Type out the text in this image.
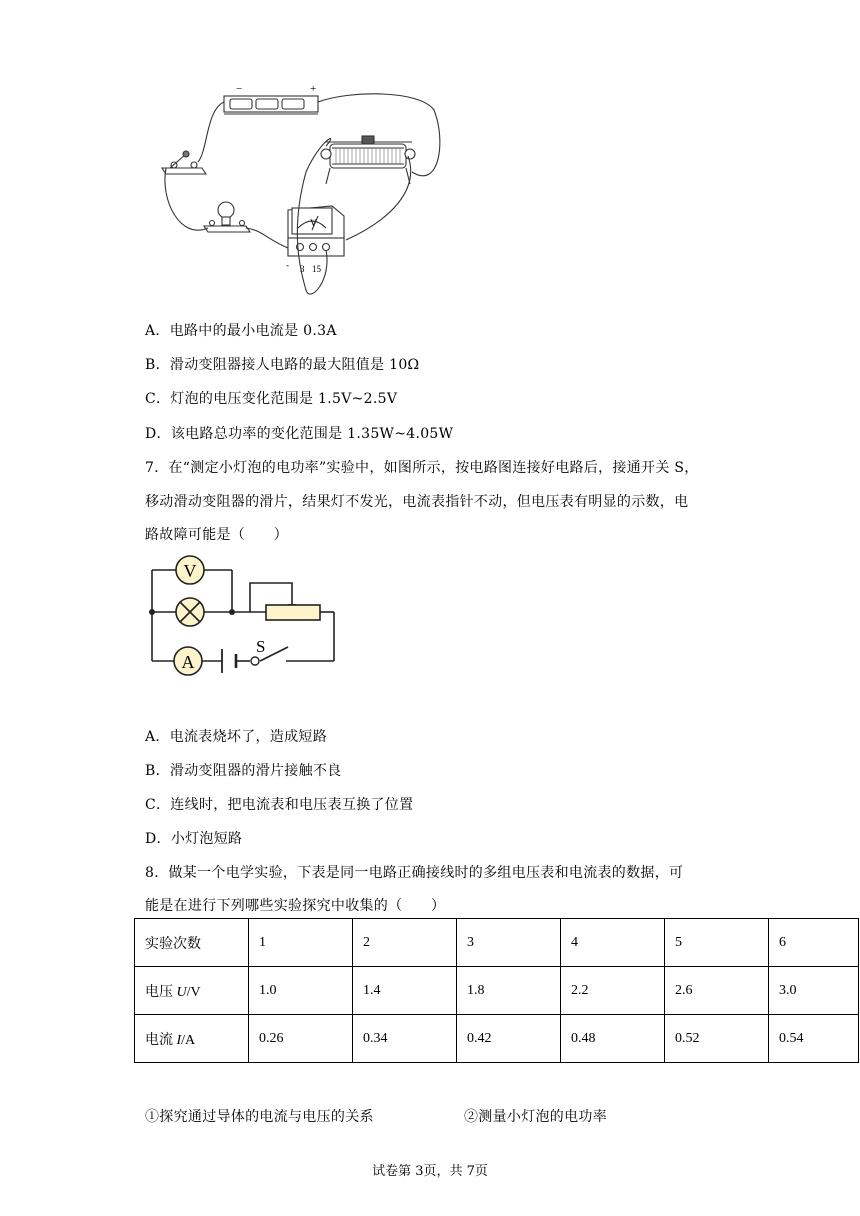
−	+
V
- 3 15
A．电路中的最小电流是 0.3A
B．滑动变阻器接人电路的最大阻值是 10Ω
C．灯泡的电压变化范围是 1.5V~2.5V
D．该电路总功率的变化范围是 1.35W~4.05W
7．在“测定小灯泡的电功率”实验中，如图所示，按电路图连接好电路后，接通开关 S，
移动滑动变阻器的滑片，结果灯不发光，电流表指针不动，但电压表有明显的示数，电
路故障可能是（　　）
V
A
S
A．电流表烧坏了，造成短路
B．滑动变阻器的滑片接触不良
C．连线时，把电流表和电压表互换了位置
D．小灯泡短路
8．做某一个电学实验，下表是同一电路正确接线时的多组电压表和电流表的数据，可
能是在进行下列哪些实验探究中收集的（　　）
实验次数	1	2	3	4	5	6
电压 U/V	1.0	1.4	1.8	2.2	2.6	3.0
电流 I/A	0.26	0.34	0.42	0.48	0.52	0.54
①探究通过导体的电流与电压的关系	②测量小灯泡的电功率
试卷第 3页，共 7页
